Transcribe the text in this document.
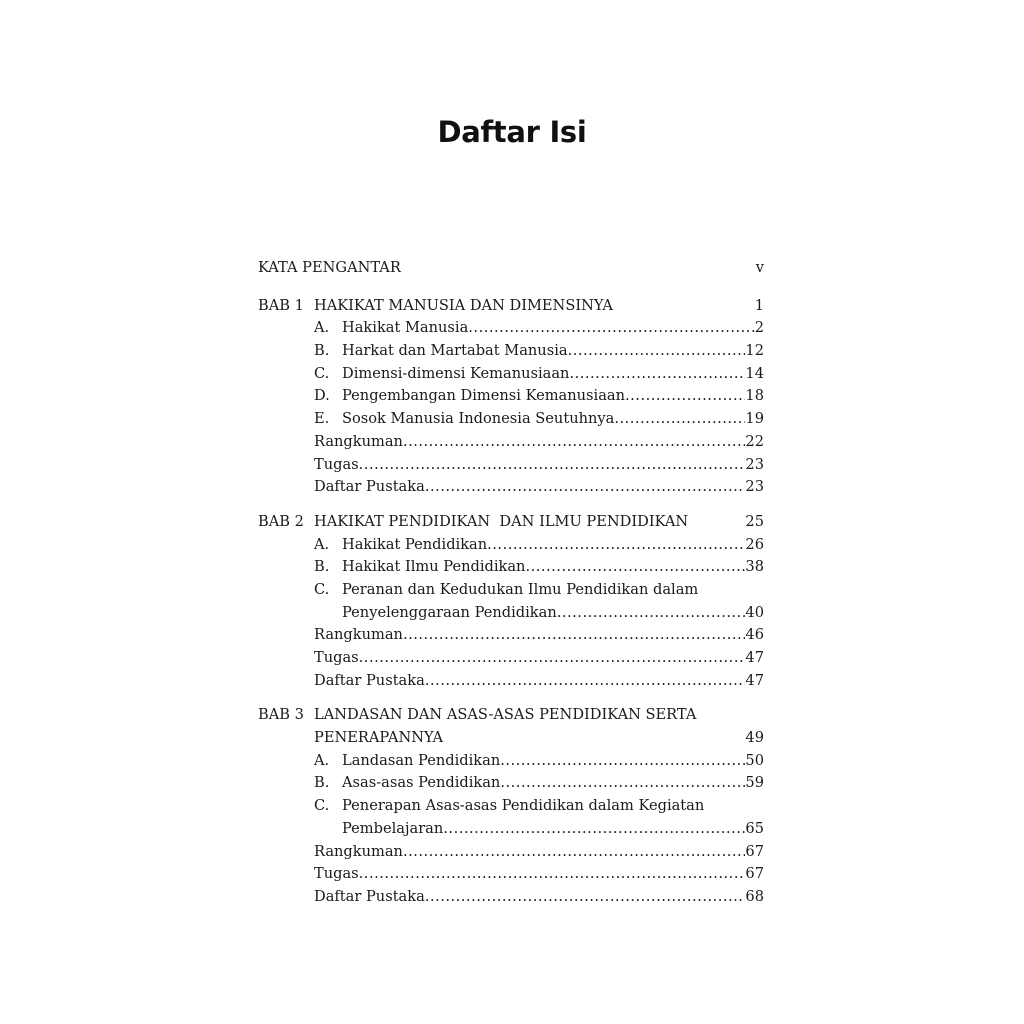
Daftar Isi
KATA PENGANTAR	v
BAB 1 HAKIKAT MANUSIA DAN DIMENSINYA	1
A. Hakikat Manusia .....	2
B. Harkat dan Martabat Manusia .....	12
C. Dimensi-dimensi Kemanusiaan .....	14
D. Pengembangan Dimensi Kemanusiaan .....	18
E. Sosok Manusia Indonesia Seutuhnya .....	19
Rangkuman .....	22
Tugas .....	23
Daftar Pustaka .....	23
BAB 2 HAKIKAT PENDIDIKAN  DAN ILMU PENDIDIKAN	25
A. Hakikat Pendidikan .....	26
B. Hakikat Ilmu Pendidikan .....	38
C. Peranan dan Kedudukan Ilmu Pendidikan dalam
Penyelenggaraan Pendidikan .....	40
Rangkuman .....	46
Tugas .....	47
Daftar Pustaka .....	47
BAB 3 LANDASAN DAN ASAS-ASAS PENDIDIKAN SERTA
PENERAPANNYA	49
A. Landasan Pendidikan .....	50
B. Asas-asas Pendidikan .....	59
C. Penerapan Asas-asas Pendidikan dalam Kegiatan
Pembelajaran .....	65
Rangkuman .....	67
Tugas .....	67
Daftar Pustaka .....	68
